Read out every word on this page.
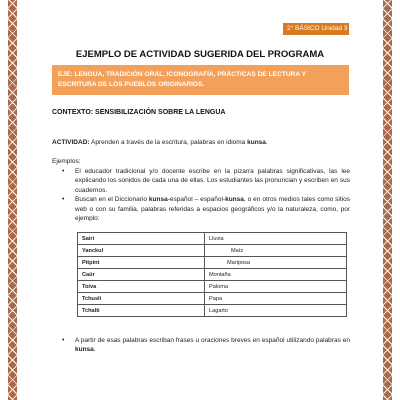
2° BÁSICO Unidad 3
EJEMPLO DE ACTIVIDAD SUGERIDA DEL PROGRAMA
EJE: LENGUA, TRADICIÓN ORAL, ICONOGRAFÍA, PRÁCTICAS DE LECTURA Y ESCRITURA DE LOS PUEBLOS ORIGINARIOS.
CONTEXTO: SENSIBILIZACIÓN SOBRE LA LENGUA
ACTIVIDAD: Aprenden a través de la escritura, palabras en idioma kunsa.
Ejemplos:
• El educador tradicional y/o docente escribe en la pizarra palabras significativas, las lee explicando los sonidos de cada una de ellas. Los estudiantes las pronuncian y escriben en sus cuadernos.
• Buscan en el Diccionario kunsa-español – español-kunsa, o en otros medios tales como sitios web o con su familia, palabras referidas a espacios geográficos y/o la naturaleza, como, por ejemplo:
Sairi	Lluvia
Yanckul	Maíz
Pitpint	Mariposa
Caür	Montaña
Toiva	Paloma
Tchusli	Papa
Tchalti	Lagarto
• A partir de esas palabras escriban frases u oraciones breves en español utilizando palabras en kunsa.
